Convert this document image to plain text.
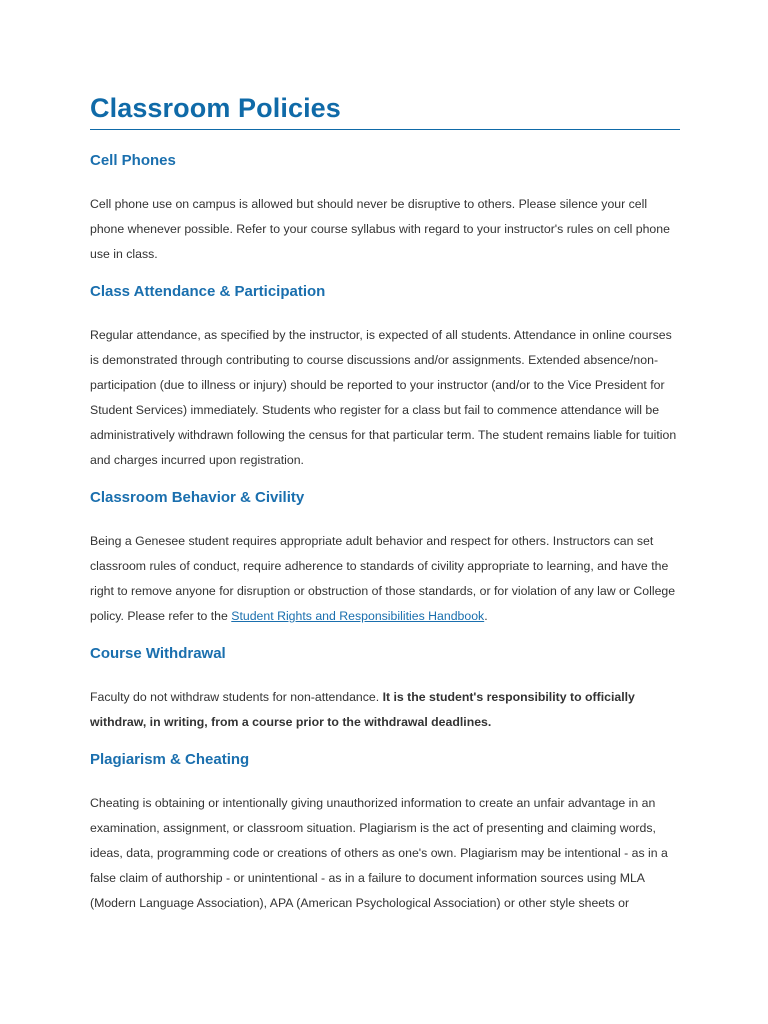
Classroom Policies
Cell Phones

Cell phone use on campus is allowed but should never be disruptive to others. Please silence your cell phone whenever possible. Refer to your course syllabus with regard to your instructor's rules on cell phone use in class.

Class Attendance & Participation

Regular attendance, as specified by the instructor, is expected of all students. Attendance in online courses is demonstrated through contributing to course discussions and/or assignments. Extended absence/non-participation (due to illness or injury) should be reported to your instructor (and/or to the Vice President for Student Services) immediately. Students who register for a class but fail to commence attendance will be administratively withdrawn following the census for that particular term. The student remains liable for tuition and charges incurred upon registration.

Classroom Behavior & Civility

Being a Genesee student requires appropriate adult behavior and respect for others. Instructors can set classroom rules of conduct, require adherence to standards of civility appropriate to learning, and have the right to remove anyone for disruption or obstruction of those standards, or for violation of any law or College policy. Please refer to the Student Rights and Responsibilities Handbook.

Course Withdrawal

Faculty do not withdraw students for non-attendance. It is the student's responsibility to officially withdraw, in writing, from a course prior to the withdrawal deadlines.

Plagiarism & Cheating

Cheating is obtaining or intentionally giving unauthorized information to create an unfair advantage in an examination, assignment, or classroom situation. Plagiarism is the act of presenting and claiming words, ideas, data, programming code or creations of others as one's own. Plagiarism may be intentional - as in a false claim of authorship - or unintentional - as in a failure to document information sources using MLA (Modern Language Association), APA (American Psychological Association) or other style sheets or
